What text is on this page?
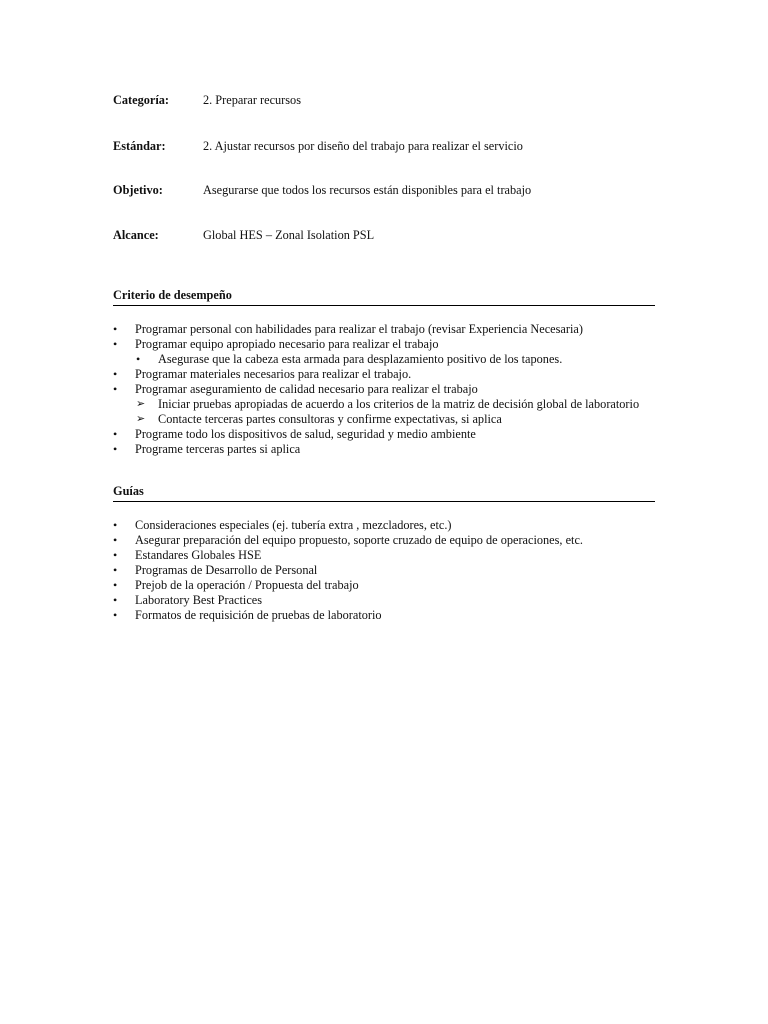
Categoría:	2. Preparar recursos
Estándar:	2. Ajustar recursos por diseño del trabajo para realizar el servicio
Objetivo:	Asegurarse que todos los recursos están disponibles para el trabajo
Alcance:	Global HES – Zonal Isolation PSL
Criterio de desempeño
•	Programar personal con habilidades para realizar el trabajo (revisar Experiencia Necesaria)
•	Programar equipo apropiado necesario para realizar el trabajo
•	Asegurase que la cabeza esta armada para desplazamiento positivo de los tapones.
•	Programar materiales necesarios para realizar el trabajo.
•	Programar aseguramiento de calidad necesario para realizar el trabajo
➢ Iniciar pruebas apropiadas de acuerdo a los criterios de la matriz de decisión global de laboratorio
➢ Contacte terceras partes consultoras y confirme expectativas, si aplica
•	Programe todo los dispositivos de salud, seguridad y medio ambiente
•	Programe terceras partes si aplica
Guías
•	Consideraciones especiales (ej. tubería extra , mezcladores, etc.)
•	Asegurar preparación del equipo propuesto, soporte cruzado de equipo de operaciones, etc.
•	Estandares Globales HSE
•	Programas de Desarrollo de Personal
•	Prejob de la operación / Propuesta del trabajo
•	Laboratory Best Practices
•	Formatos de requisición de pruebas de laboratorio
